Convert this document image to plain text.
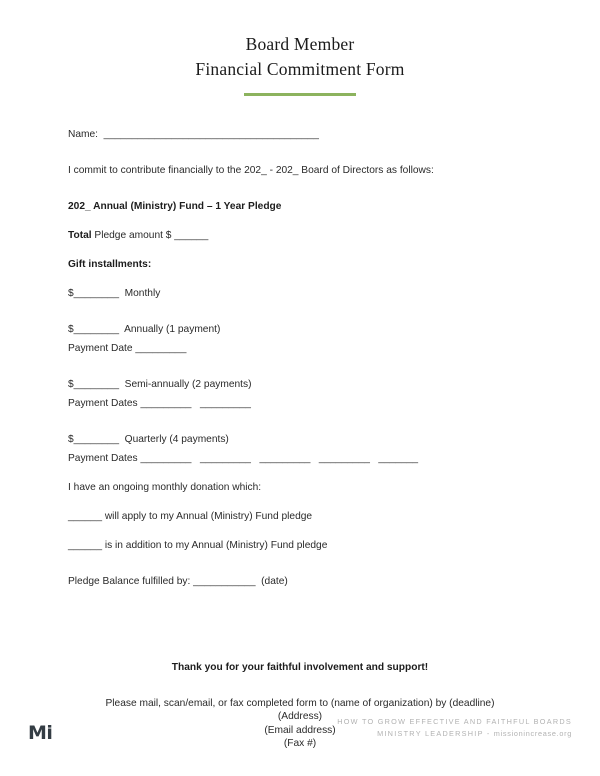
Board Member
Financial Commitment Form
Name:  ______________________________________
I commit to contribute financially to the 202_ - 202_ Board of Directors as follows:
202_ Annual (Ministry) Fund – 1 Year Pledge
Total Pledge amount $ ______
Gift installments:
$________  Monthly
$________  Annually (1 payment)
Payment Date _________
$________  Semi-annually (2 payments)
Payment Dates _________   _________
$________  Quarterly (4 payments)
Payment Dates _________   _________   _________   _________   _______
I have an ongoing monthly donation which:
______ will apply to my Annual (Ministry) Fund pledge
______ is in addition to my Annual (Ministry) Fund pledge
Pledge Balance fulfilled by: ___________  (date)
Thank you for your faithful involvement and support!
Please mail, scan/email, or fax completed form to (name of organization) by (deadline)
(Address)
(Email address)
(Fax #)
Mi
HOW TO GROW EFFECTIVE AND FAITHFUL BOARDS
MINISTRY LEADERSHIP - missionincrease.org
